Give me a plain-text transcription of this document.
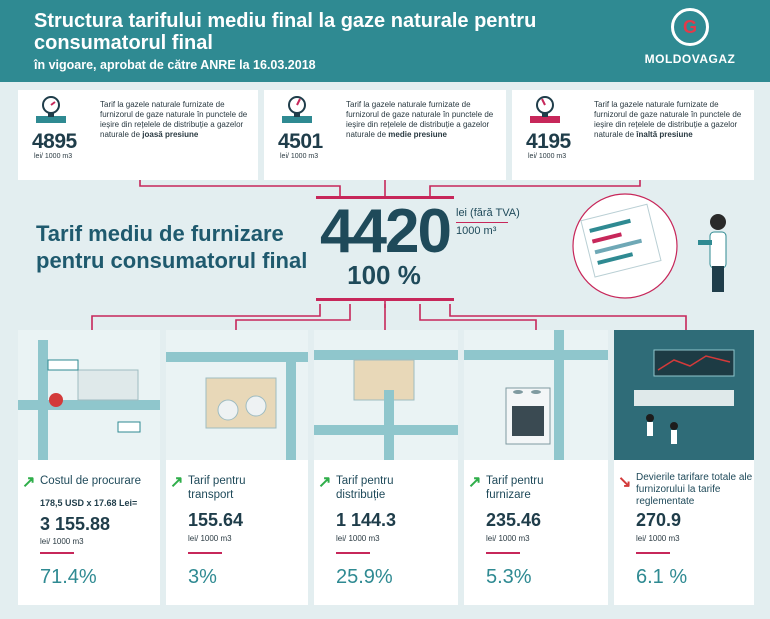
Structura tarifului mediu final la gaze naturale pentru consumatorul final
în vigoare, aprobat de către ANRE la 16.03.2018
G
MOLDOVAGAZ
4895
lei/ 1000 m3
Tarif la gazele naturale furnizate de furnizorul de gaze naturale în punctele de ieșire din rețelele de distribuție a gazelor naturale de joasă presiune	4501
lei/ 1000 m3
Tarif la gazele naturale furnizate de furnizorul de gaze naturale în punctele de ieșire din rețelele de distribuție a gazelor naturale de medie presiune	4195
lei/ 1000 m3
Tarif la gazele naturale furnizate de furnizorul de gaze naturale în punctele de ieșire din rețelele de distribuție a gazelor naturale de înaltă presiune
Tarif mediu de furnizare pentru consumatorul final 4420
100 %
lei (fără TVA)
1000 m³
↗ Costul de procurare
178,5 USD x 17.68 Lei=
3 155.88
lei/ 1000 m3
71.4%
↗ Tarif pentru transport
155.64
lei/ 1000 m3
3%
↗ Tarif pentru distribuție
1 144.3
lei/ 1000 m3
25.9%
↗ Tarif pentru furnizare
235.46
lei/ 1000 m3
5.3%
↘ Devierile tarifare totale ale furnizorului la tarife reglementate
270.9
lei/ 1000 m3
6.1 %
